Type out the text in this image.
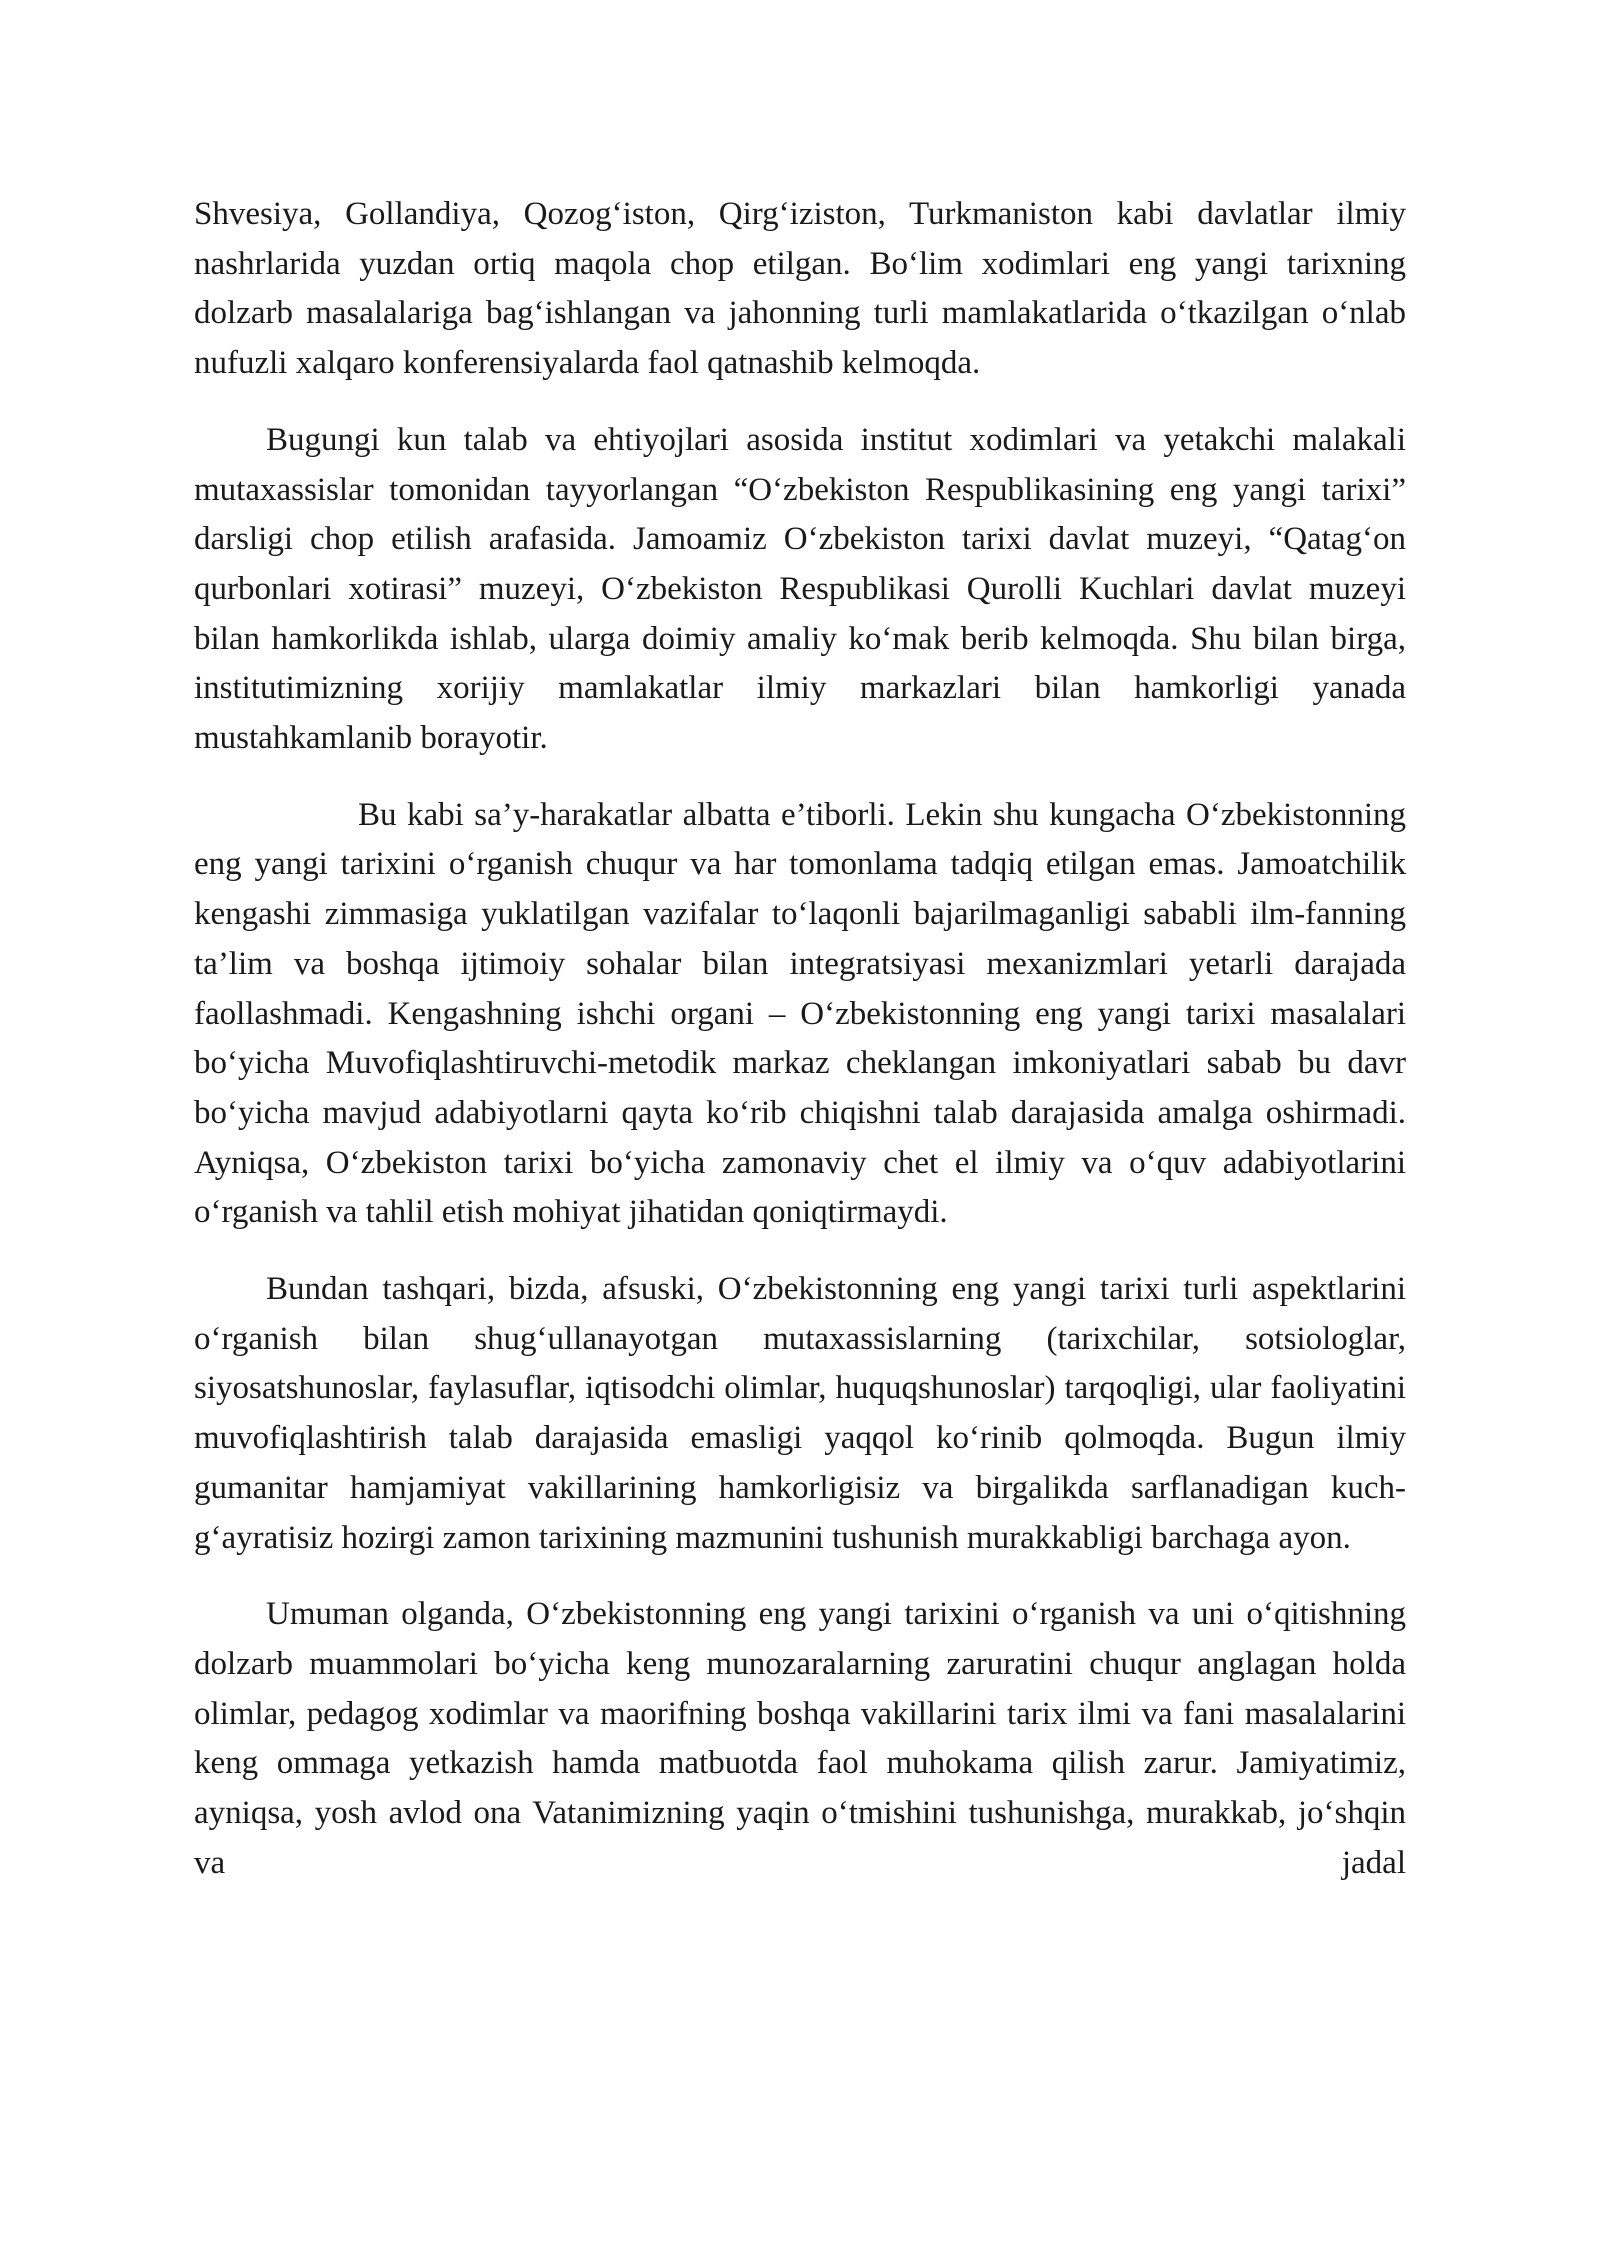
Shvesiya, Gollandiya, Qozog‘iston, Qirg‘iziston, Turkmaniston kabi davlatlar ilmiy nashrlarida yuzdan ortiq maqola chop etilgan. Bo‘lim xodimlari eng yangi tarixning dolzarb masalalariga bag‘ishlangan va jahonning turli mamlakatlarida o‘tkazilgan o‘nlab nufuzli xalqaro konferensiyalarda faol qatnashib kelmoqda.

Bugungi kun talab va ehtiyojlari asosida institut xodimlari va yetakchi malakali mutaxassislar tomonidan tayyorlangan “O‘zbekiston Respublikasining eng yangi tarixi” darsligi chop etilish arafasida. Jamoamiz O‘zbekiston tarixi davlat muzeyi, “Qatag‘on qurbonlari xotirasi” muzeyi, O‘zbekiston Respublikasi Qurolli Kuchlari davlat muzeyi bilan hamkorlikda ishlab, ularga doimiy amaliy ko‘mak berib kelmoqda. Shu bilan birga, institutimizning xorijiy mamlakatlar ilmiy markazlari bilan hamkorligi yanada mustahkamlanib borayotir.

Bu kabi sa’y-harakatlar albatta e’tiborli. Lekin shu kungacha O‘zbekistonning eng yangi tarixini o‘rganish chuqur va har tomonlama tadqiq etilgan emas. Jamoatchilik kengashi zimmasiga yuklatilgan vazifalar to‘laqonli bajarilmaganligi sababli ilm-fanning ta’lim va boshqa ijtimoiy sohalar bilan integratsiyasi mexanizmlari yetarli darajada faollashmadi. Kengashning ishchi organi – O‘zbekistonning eng yangi tarixi masalalari bo‘yicha Muvofiqlashtiruvchi-metodik markaz cheklangan imkoniyatlari sabab bu davr bo‘yicha mavjud adabiyotlarni qayta ko‘rib chiqishni talab darajasida amalga oshirmadi. Ayniqsa, O‘zbekiston tarixi bo‘yicha zamonaviy chet el ilmiy va o‘quv adabiyotlarini o‘rganish va tahlil etish mohiyat jihatidan qoniqtirmaydi.

Bundan tashqari, bizda, afsuski, O‘zbekistonning eng yangi tarixi turli aspektlarini o‘rganish bilan shug‘ullanayotgan mutaxassislarning (tarixchilar, sotsiologlar, siyosatshunoslar, faylasuflar, iqtisodchi olimlar, huquqshunoslar) tarqoqligi, ular faoliyatini muvofiqlashtirish talab darajasida emasligi yaqqol ko‘rinib qolmoqda. Bugun ilmiy gumanitar hamjamiyat vakillarining hamkorligisiz va birgalikda sarflanadigan kuch-g‘ayratisiz hozirgi zamon tarixining mazmunini tushunish murakkabligi barchaga ayon.

Umuman olganda, O‘zbekistonning eng yangi tarixini o‘rganish va uni o‘qitishning dolzarb muammolari bo‘yicha keng munozaralarning zaruratini chuqur anglagan holda olimlar, pedagog xodimlar va maorifning boshqa vakillarini tarix ilmi va fani masalalarini keng ommaga yetkazish hamda matbuotda faol muhokama qilish zarur. Jamiyatimiz, ayniqsa, yosh avlod ona Vatanimizning yaqin o‘tmishini tushunishga, murakkab, jo‘shqin va jadal
